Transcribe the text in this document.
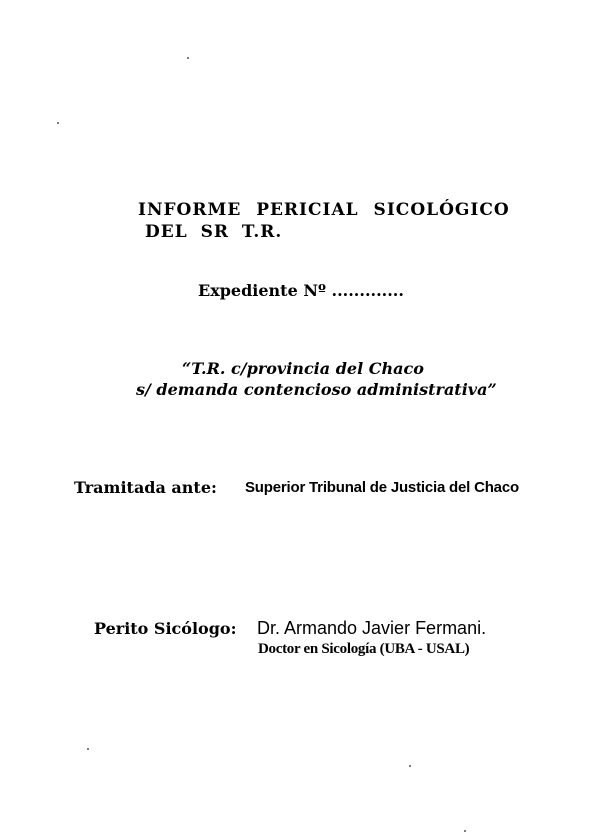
INFORME PERICIAL SICOLÓGICO

DEL SR T.R.

Expediente Nº .............

“T.R. c/provincia del Chaco

s/ demanda contencioso administrativa”

Tramitada ante: Superior Tribunal de Justicia del Chaco

Perito Sicólogo: Dr. Armando Javier Fermani.

Doctor en Sicología (UBA - USAL)
